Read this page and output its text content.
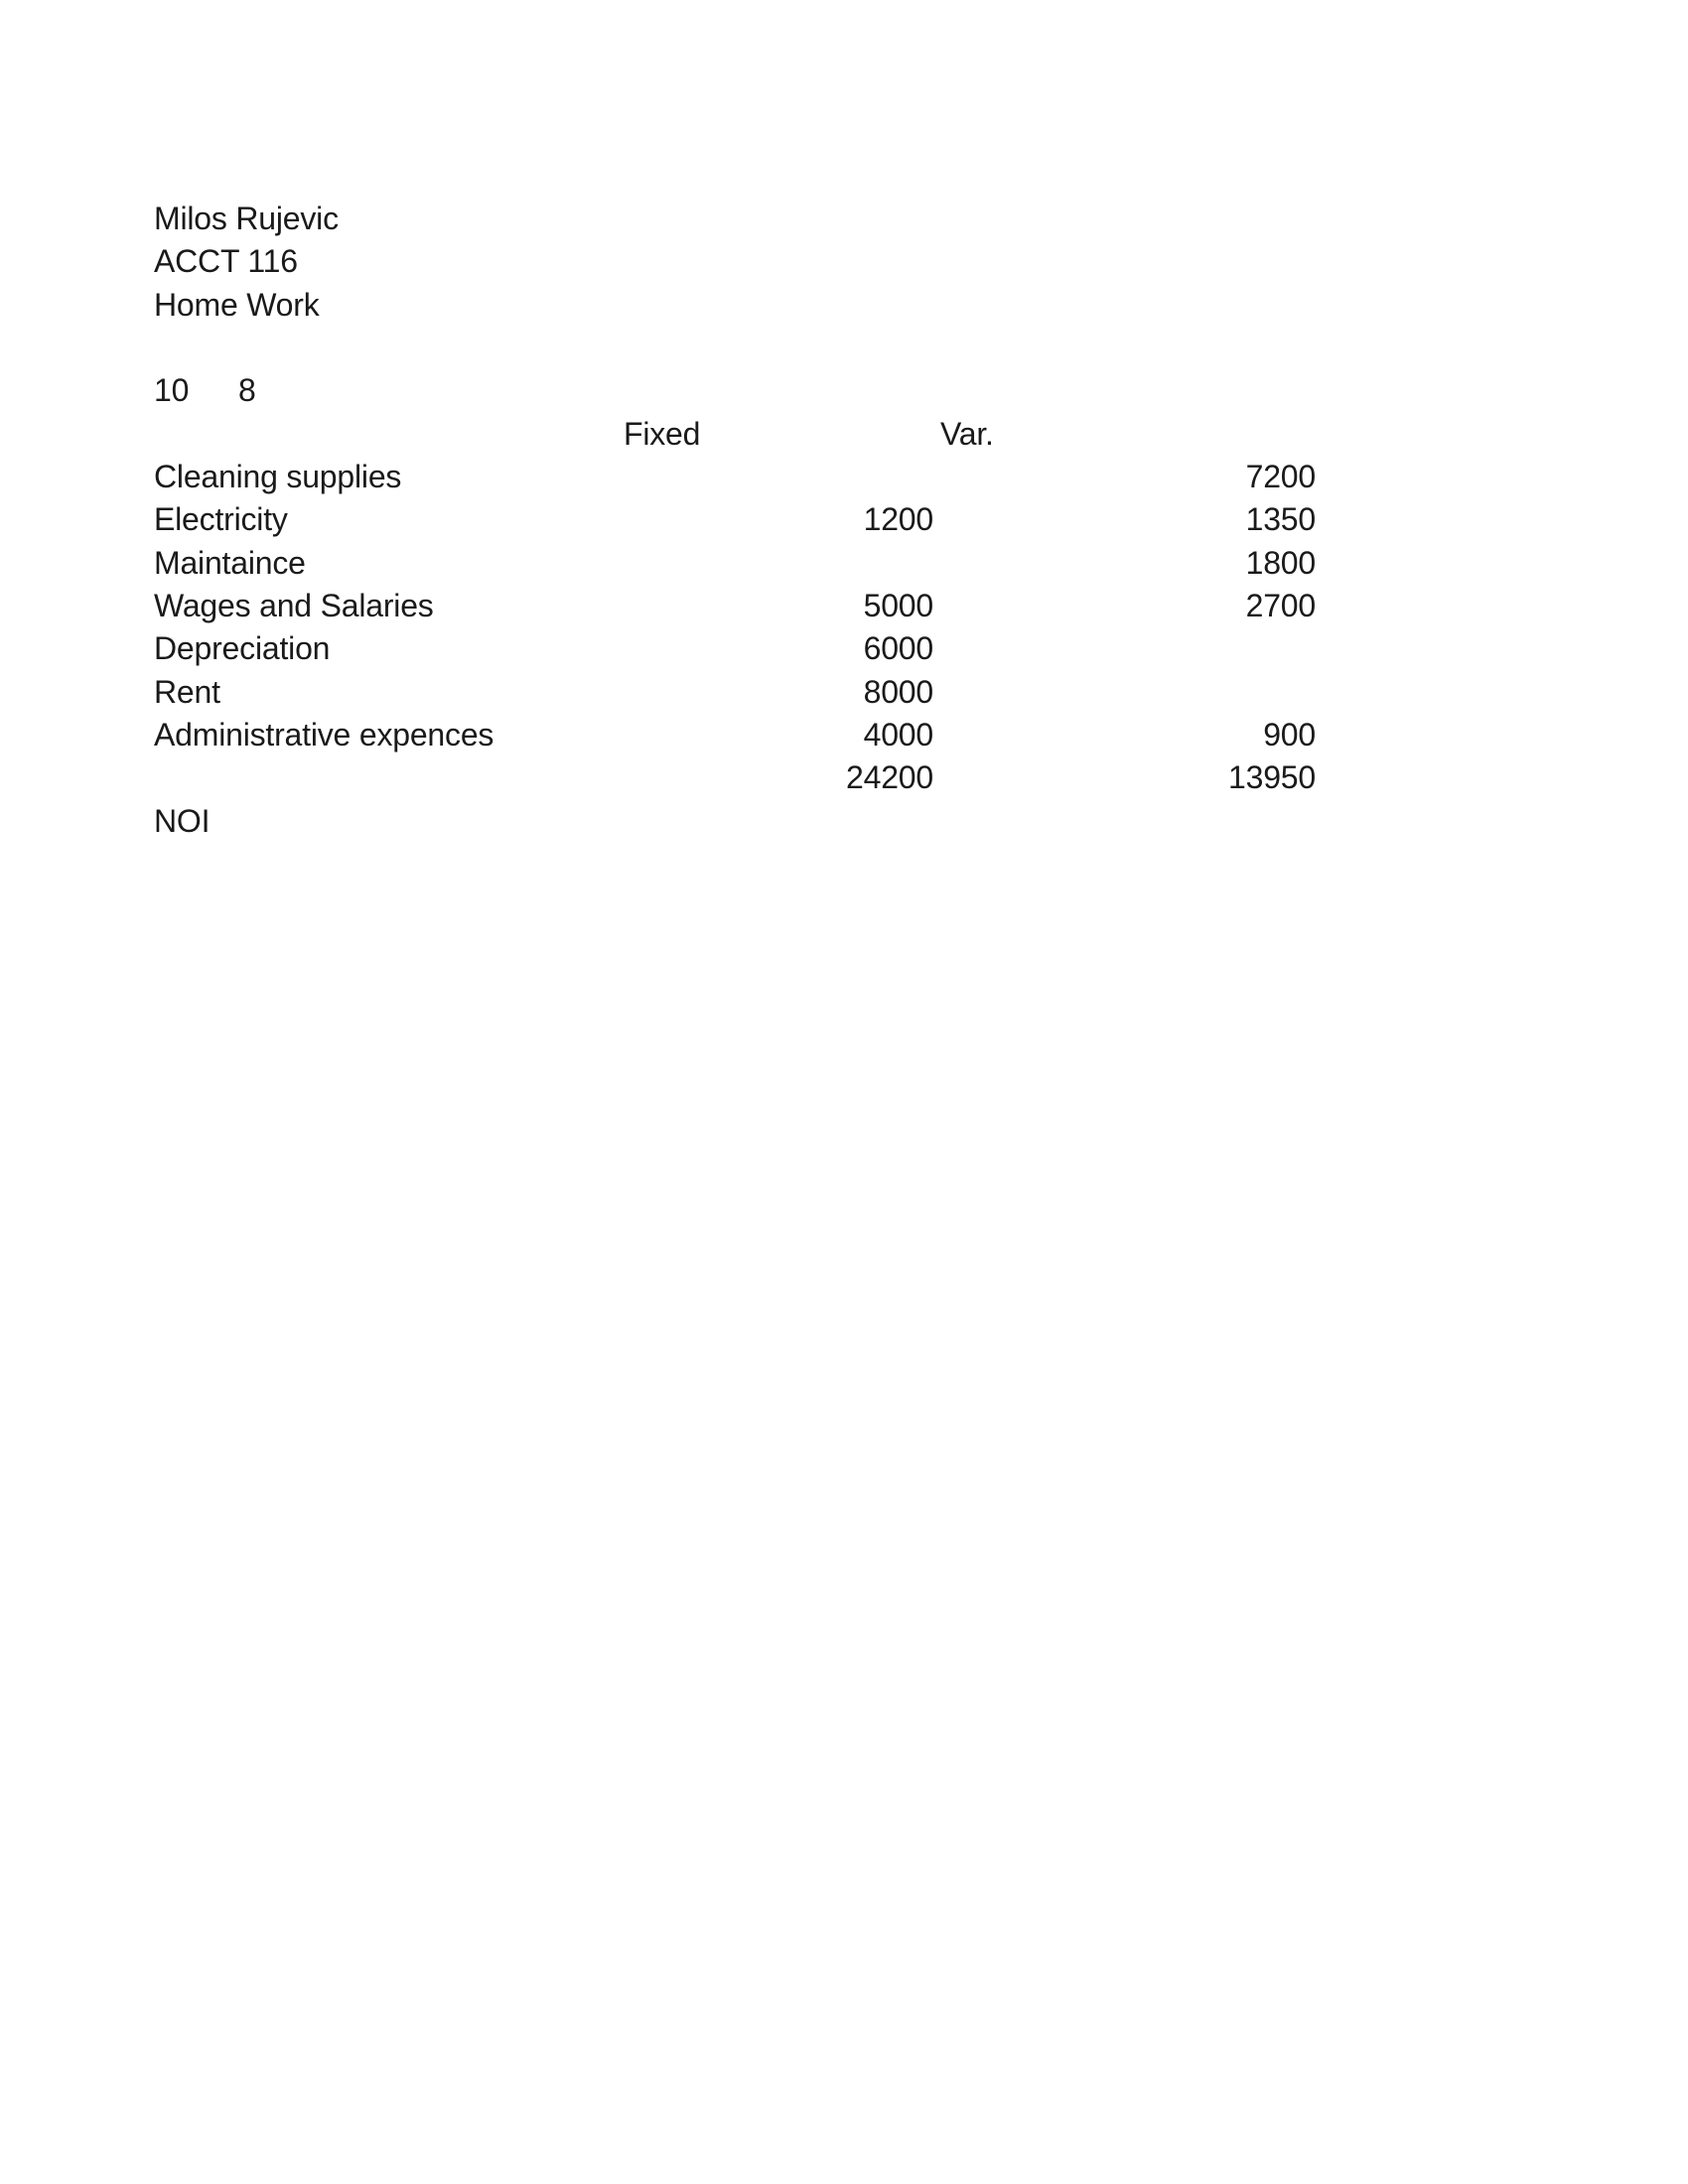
Milos Rujevic
ACCT 116
Home Work
10 8
Fixed	Var.
7200
Cleaning supplies
1350
1200
Electricity
1800
Maintaince
2700
5000
Wages and Salaries
6000
Depreciation
8000
Rent
900
4000
Administrative expences
13950
24200
NOI
